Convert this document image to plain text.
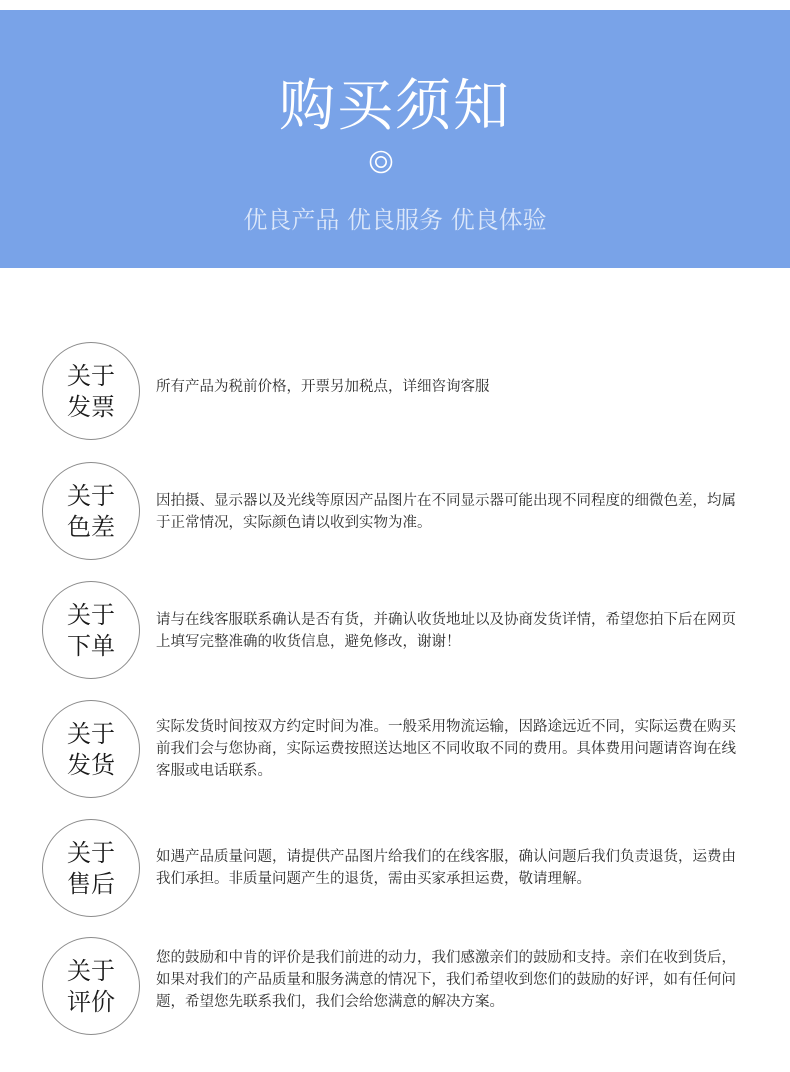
购买须知
优良产品 优良服务 优良体验
关于
发票
所有产品为税前价格，开票另加税点，详细咨询客服
关于
色差
因拍摄、显示器以及光线等原因产品图片在不同显示器可能出现不同程度的细微色差，均属于正常情况，实际颜色请以收到实物为准。
关于
下单
请与在线客服联系确认是否有货，并确认收货地址以及协商发货详情，希望您拍下后在网页上填写完整准确的收货信息，避免修改，谢谢！
关于
发货
实际发货时间按双方约定时间为准。一般采用物流运输，因路途远近不同，实际运费在购买前我们会与您协商，实际运费按照送达地区不同收取不同的费用。具体费用问题请咨询在线客服或电话联系。
关于
售后
如遇产品质量问题，请提供产品图片给我们的在线客服，确认问题后我们负责退货，运费由我们承担。非质量问题产生的退货，需由买家承担运费，敬请理解。
关于
评价
您的鼓励和中肯的评价是我们前进的动力，我们感激亲们的鼓励和支持。亲们在收到货后，如果对我们的产品质量和服务满意的情况下，我们希望收到您们的鼓励的好评，如有任何问题，希望您先联系我们，我们会给您满意的解决方案。
